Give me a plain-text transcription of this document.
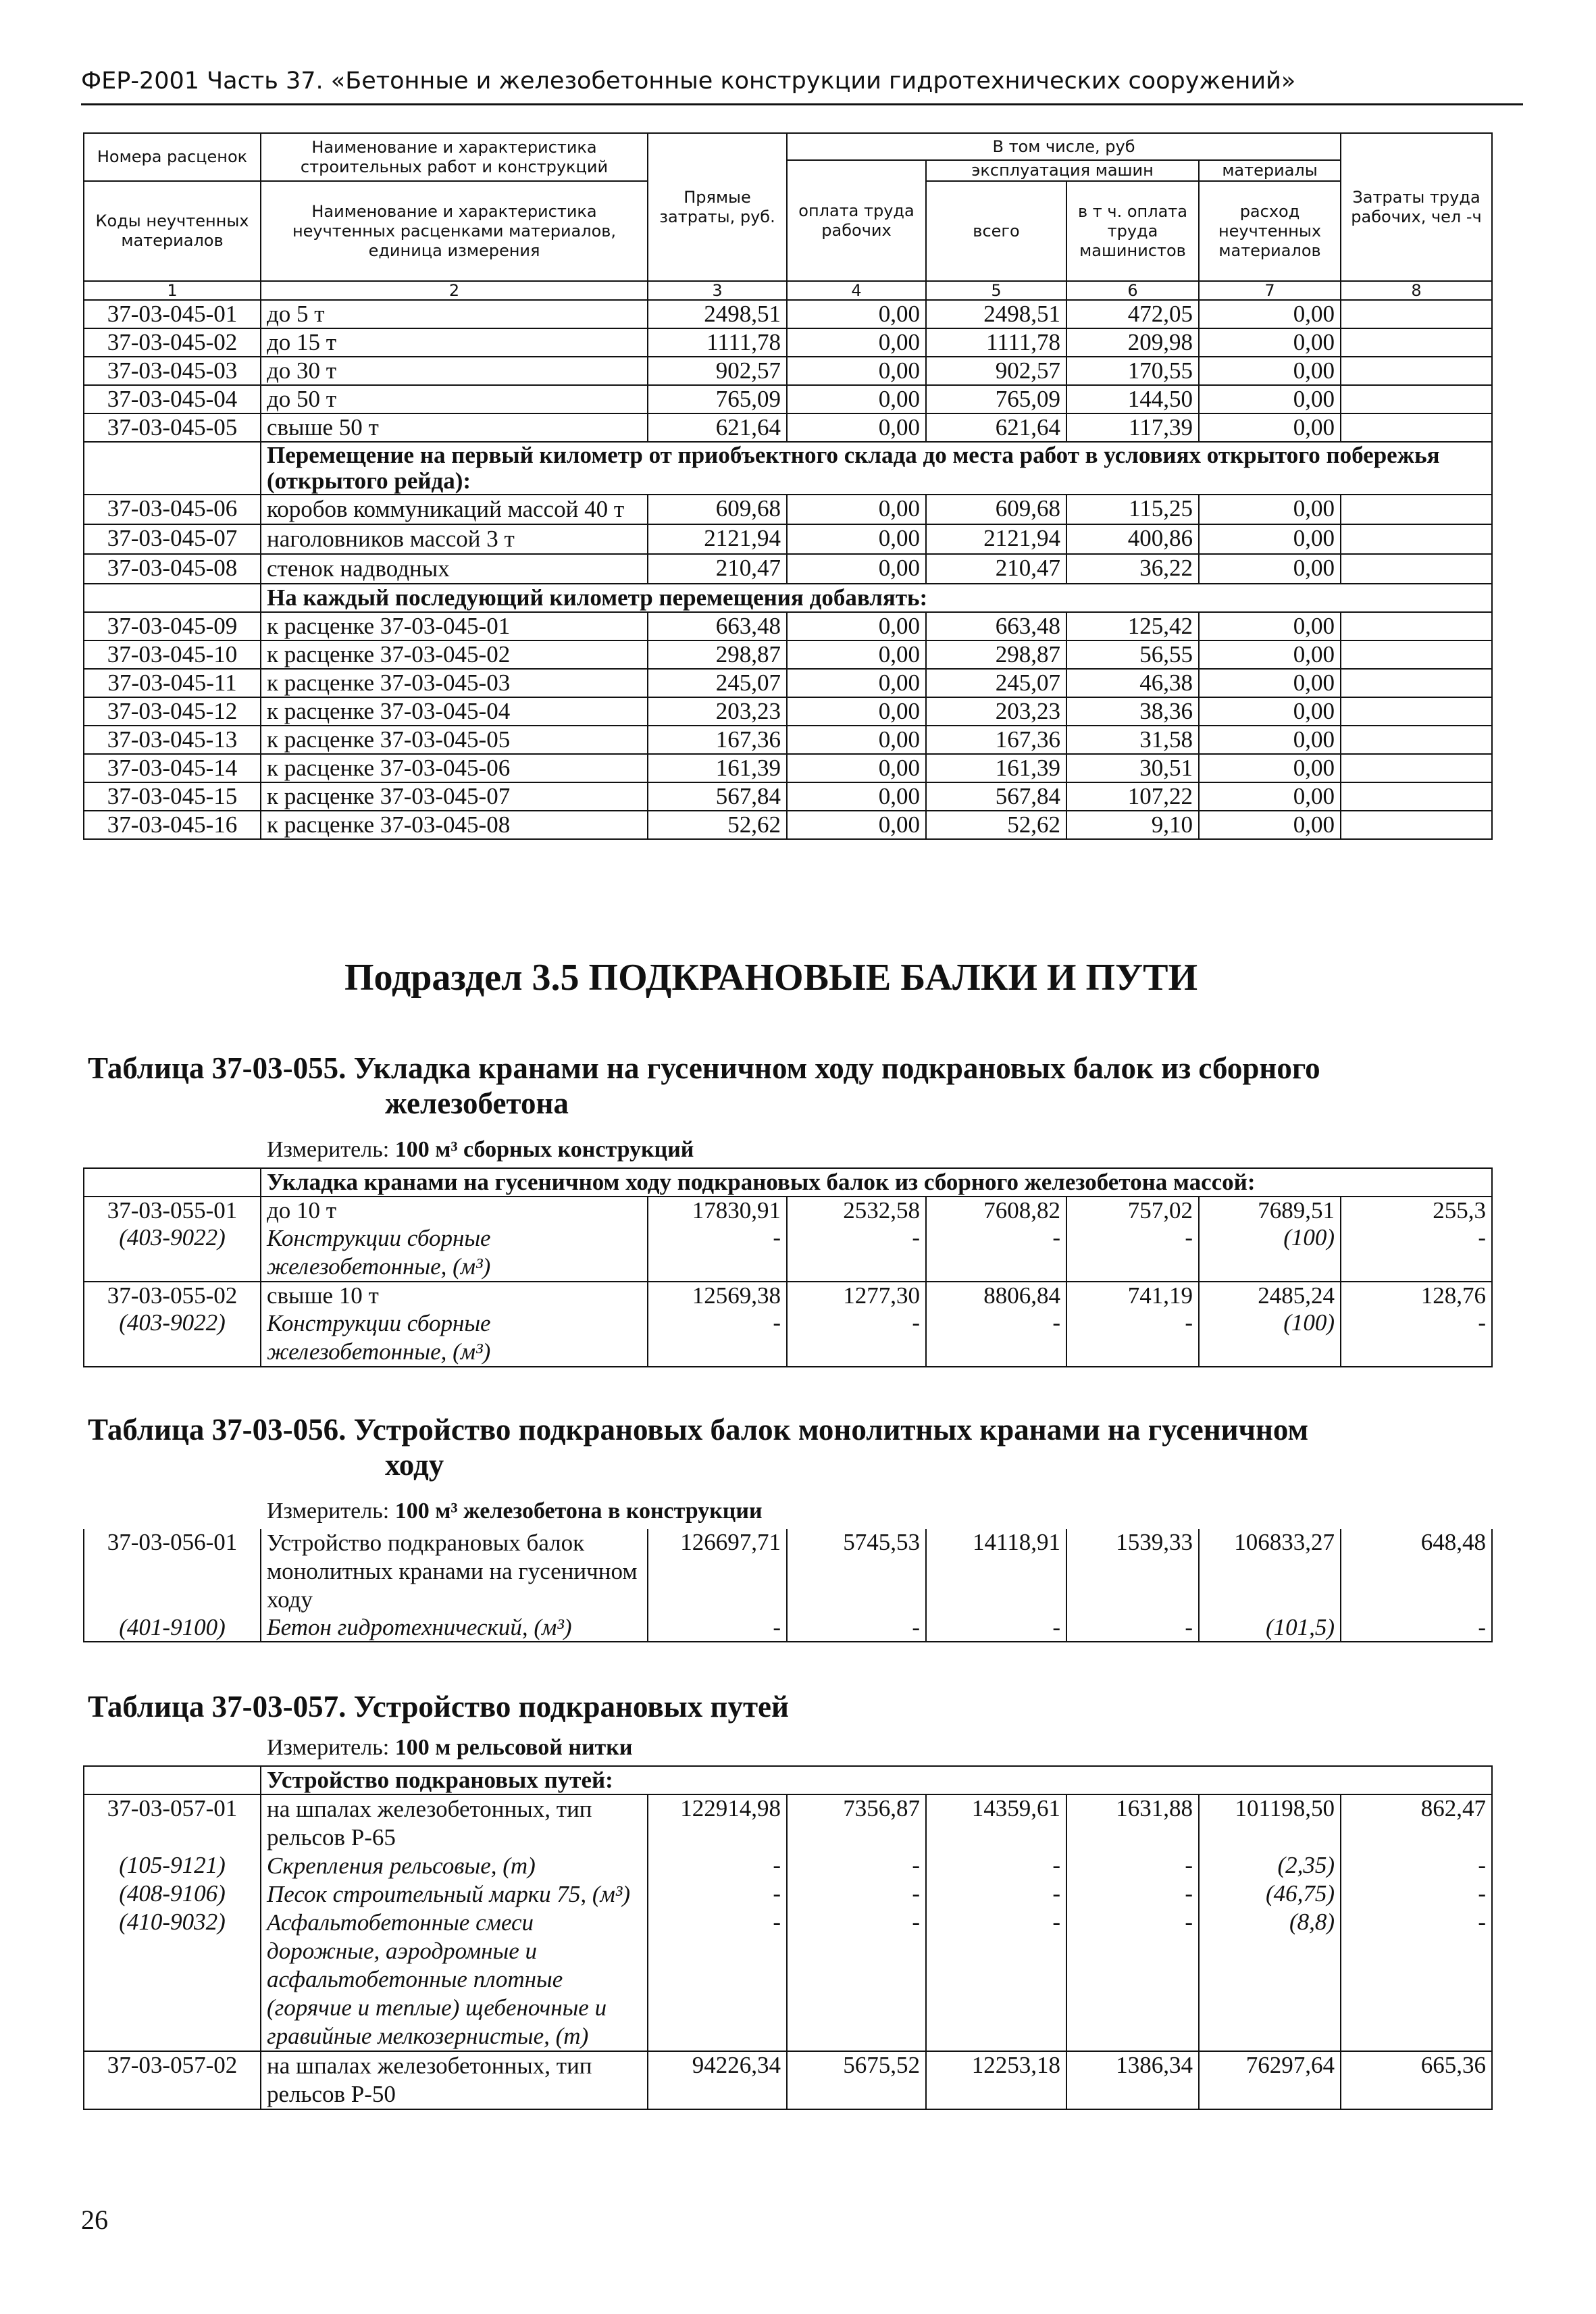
ФЕР-2001 Часть 37. «Бетонные и железобетонные конструкции гидротехнических сооружений»
Номера расценок	Наименование и характеристика строительных работ и конструкций	Прямые затраты, руб.	В том числе, руб				Затраты труда рабочих, чел -ч
			оплата труда рабочих	эксплуатация машин		материалы	
Коды неучтенных материалов	Наименование и характеристика неучтенных расценками материалов, единица измерения			всего	в т ч. оплата труда машинистов	расход неучтенных материалов	

1	2	3	4	5	6	7	8
37-03-045-01	до 5 т	2498,51	0,00	2498,51	472,05	0,00	
37-03-045-02	до 15 т	1111,78	0,00	1111,78	209,98	0,00	
37-03-045-03	до 30 т	902,57	0,00	902,57	170,55	0,00	
37-03-045-04	до 50 т	765,09	0,00	765,09	144,50	0,00	
37-03-045-05	свыше 50 т	621,64	0,00	621,64	117,39	0,00	
	Перемещение на первый километр от приобъектного склада до места работ в условиях открытого побережья (открытого рейда):						
37-03-045-06	коробов коммуникаций массой 40 т	609,68	0,00	609,68	115,25	0,00	
37-03-045-07	наголовников массой 3 т	2121,94	0,00	2121,94	400,86	0,00	
37-03-045-08	стенок надводных	210,47	0,00	210,47	36,22	0,00	
	На каждый последующий километр перемещения добавлять:						
37-03-045-09	к расценке 37-03-045-01	663,48	0,00	663,48	125,42	0,00	
37-03-045-10	к расценке 37-03-045-02	298,87	0,00	298,87	56,55	0,00	
37-03-045-11	к расценке 37-03-045-03	245,07	0,00	245,07	46,38	0,00	
37-03-045-12	к расценке 37-03-045-04	203,23	0,00	203,23	38,36	0,00	
37-03-045-13	к расценке 37-03-045-05	167,36	0,00	167,36	31,58	0,00	
37-03-045-14	к расценке 37-03-045-06	161,39	0,00	161,39	30,51	0,00	
37-03-045-15	к расценке 37-03-045-07	567,84	0,00	567,84	107,22	0,00	
37-03-045-16	к расценке 37-03-045-08	52,62	0,00	52,62	9,10	0,00	
Подраздел 3.5 ПОДКРАНОВЫЕ БАЛКИ И ПУТИ
Таблица 37-03-055. Укладка кранами на гусеничном ходу подкрановых балок из сборного
железобетона
Измеритель: 100 м³ сборных конструкций
	Укладка кранами на гусеничном ходу подкрановых балок из сборного железобетона массой:						
37-03-055-01	до 10 т	17830,91	2532,58	7608,82	757,02	7689,51	255,3
(403-9022)	Конструкции сборные железобетонные, (м³)	-	-	-	-	(100)	-

37-03-055-02	свыше 10 т	12569,38	1277,30	8806,84	741,19	2485,24	128,76
(403-9022)	Конструкции сборные железобетонные, (м³)	-	-	-	-	(100)	-

Таблица 37-03-056. Устройство подкрановых балок монолитных кранами на гусеничном
ходу
Измеритель: 100 м³ железобетона в конструкции
37-03-056-01	Устройство подкрановых балок монолитных кранами на гусеничном ходу	126697,71	5745,53	14118,91	1539,33	106833,27	648,48
(401-9100)	Бетон гидротехнический, (м³)	-	-	-	-	(101,5)	-
Таблица 37-03-057. Устройство подкрановых путей
Измеритель: 100 м рельсовой нитки
	Устройство подкрановых путей:						
37-03-057-01	на шпалах железобетонных, тип рельсов Р-65	122914,98	7356,87	14359,61	1631,88	101198,50	862,47
(105-9121)	Скрепления рельсовые, (т)	-	-	-	-	(2,35)	-
(408-9106)	Песок строительный марки 75, (м³)	-	-	-	-	(46,75)	-
(410-9032)	Асфальтобетонные смеси дорожные, аэродромные и асфальтобетонные плотные (горячие и теплые) щебеночные и гравийные мелкозернистые, (т)	-	-	-	-	(8,8)	-
37-03-057-02	на шпалах железобетонных, тип рельсов Р-50	94226,34	5675,52	12253,18	1386,34	76297,64	665,36
26
